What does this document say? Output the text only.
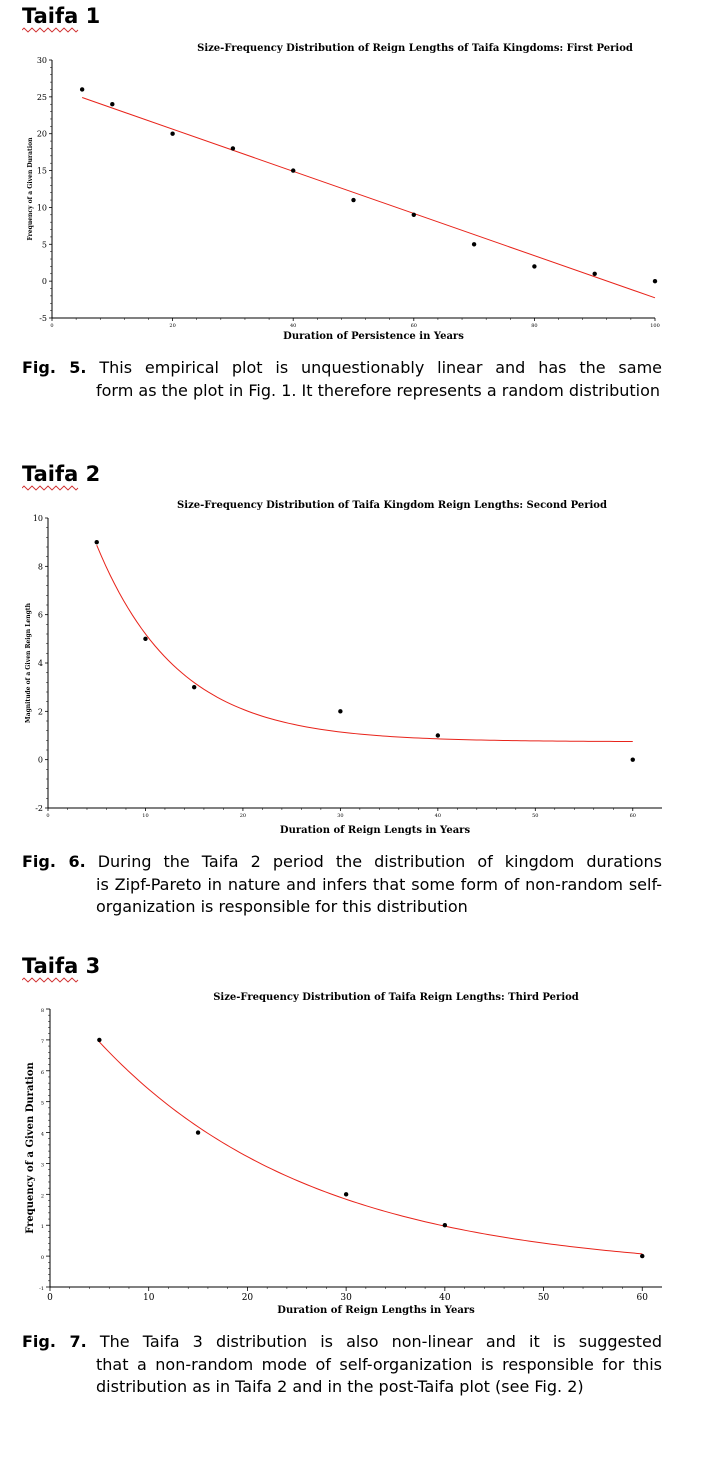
Taifa 1
Size-Frequency Distribution of Reign Lengths of Taifa Kingdoms: First Period
-5
0
5
10
15
20
25
30
0	20	40	60	80	100
Duration of Persistence in Years
Frequency of a Given Duration
Fig. 5. This empirical plot is unquestionably linear and has the same
form as the plot in Fig. 1. It therefore represents a random distribution
Taifa 2
Size-Frequency Distribution of Taifa Kingdom Reign Lengths: Second Period
-2
0
2
4
6
8
10
0	10	20	30	40	50	60
Duration of Reign Lengts in Years
Magnitude of a Given Reign Length
Fig. 6. During the Taifa 2 period the distribution of kingdom durations
is Zipf-Pareto in nature and infers that some form of non-random self-organization is responsible for this distribution
Taifa 3
Size-Frequency Distribution of Taifa Reign Lengths: Third Period
-1
0
1
2
3
4
5
6
7
8
0	10	20	30	40	50	60
Duration of Reign Lengths in Years
Frequency of a Given Duration
Fig. 7. The Taifa 3 distribution is also non-linear and it is suggested
that a non-random mode of self-organization is responsible for this distribution as in Taifa 2 and in the post-Taifa plot (see Fig. 2)
